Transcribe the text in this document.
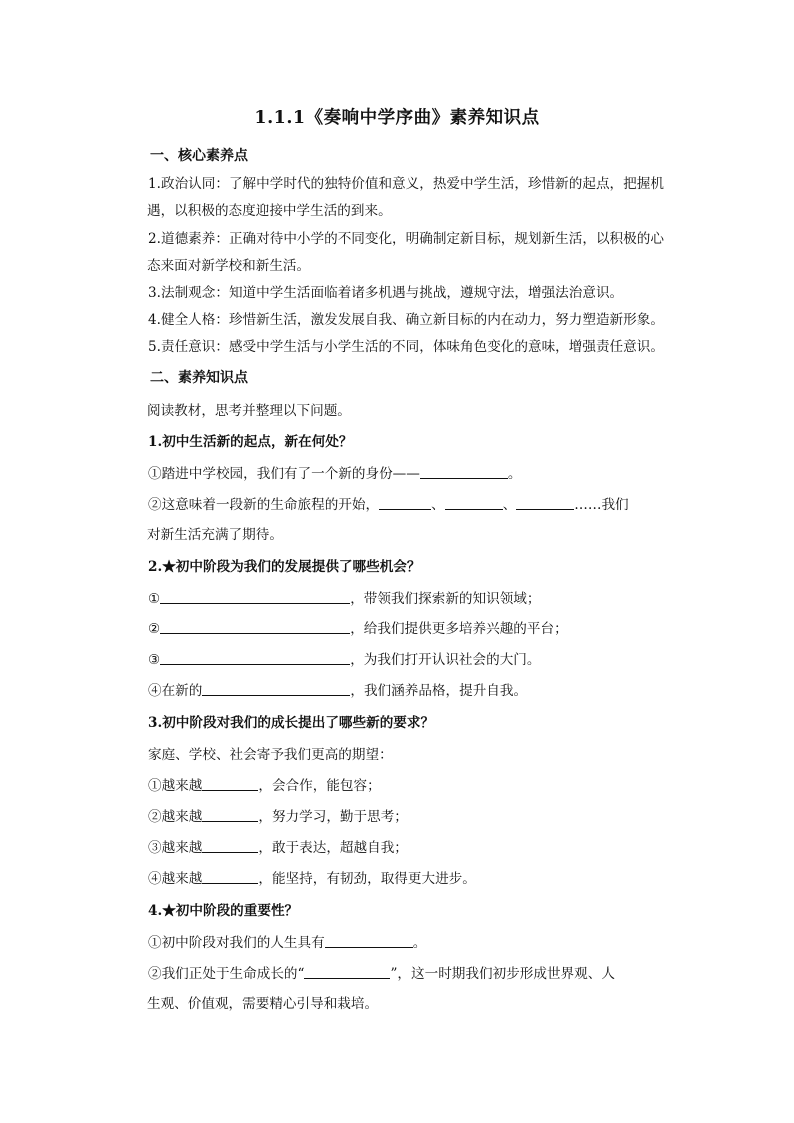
1.1.1《奏响中学序曲》素养知识点
一、核心素养点
1.政治认同：了解中学时代的独特价值和意义，热爱中学生活，珍惜新的起点，把握机
遇，以积极的态度迎接中学生活的到来。
2.道德素养：正确对待中小学的不同变化，明确制定新目标，规划新生活，以积极的心
态来面对新学校和新生活。
3.法制观念：知道中学生活面临着诸多机遇与挑战，遵规守法，增强法治意识。
4.健全人格：珍惜新生活，激发发展自我、确立新目标的内在动力，努力塑造新形象。
5.责任意识：感受中学生活与小学生活的不同，体味角色变化的意味，增强责任意识。
二、素养知识点
阅读教材，思考并整理以下问题。
1.初中生活新的起点，新在何处？
①踏进中学校园，我们有了一个新的身份——	。
②这意味着一段新的生命旅程的开始，	、	、	……我们
对新生活充满了期待。
2.★初中阶段为我们的发展提供了哪些机会？
①	，带领我们探索新的知识领域；
②	，给我们提供更多培养兴趣的平台；
③	，为我们打开认识社会的大门。
④在新的	，我们涵养品格，提升自我。
3.初中阶段对我们的成长提出了哪些新的要求？
家庭、学校、社会寄予我们更高的期望：
①越来越	，会合作，能包容；
②越来越	，努力学习，勤于思考；
③越来越	，敢于表达，超越自我；
④越来越	，能坚持，有韧劲，取得更大进步。
4.★初中阶段的重要性？
①初中阶段对我们的人生具有	。
②我们正处于生命成长的“	”，这一时期我们初步形成世界观、人
生观、价值观，需要精心引导和栽培。
